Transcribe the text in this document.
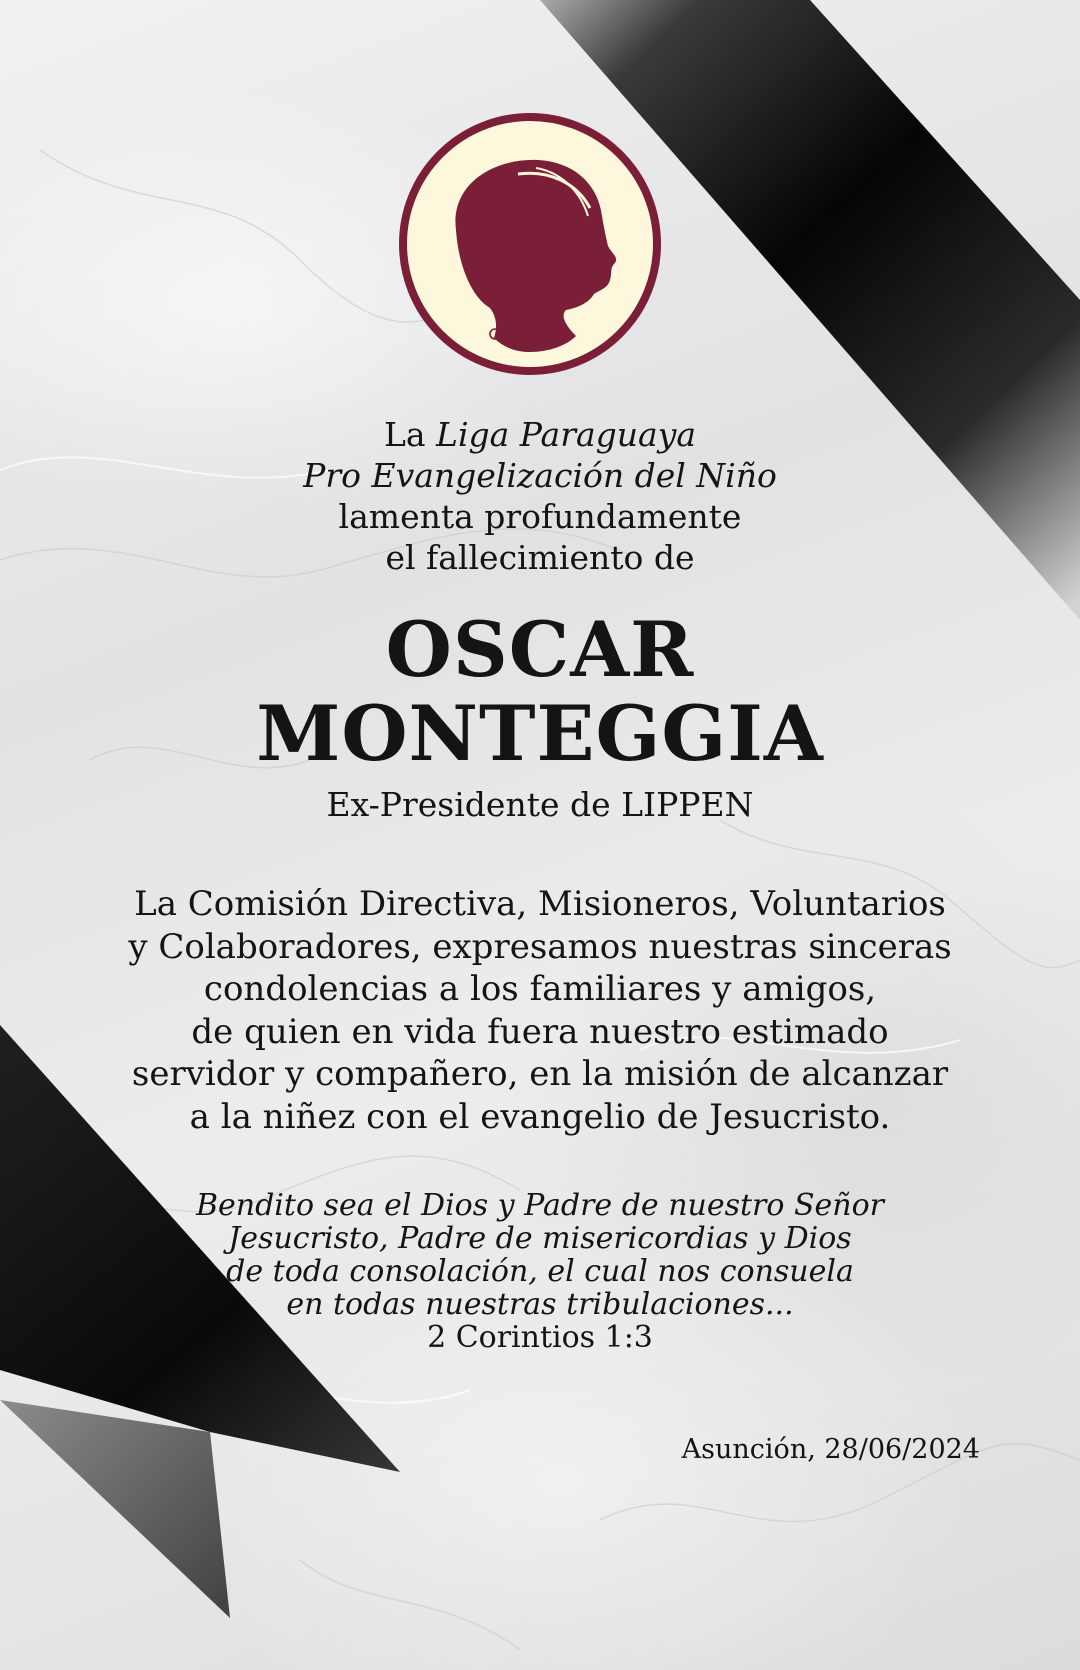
La Liga Paraguaya
Pro Evangelización del Niño
lamenta profundamente
el fallecimiento de
OSCAR
MONTEGGIA
Ex-Presidente de LIPPEN
La Comisión Directiva, Misioneros, Voluntarios
y Colaboradores, expresamos nuestras sinceras
condolencias a los familiares y amigos,
de quien en vida fuera nuestro estimado
servidor y compañero, en la misión de alcanzar
a la niñez con el evangelio de Jesucristo.
Bendito sea el Dios y Padre de nuestro Señor
Jesucristo, Padre de misericordias y Dios
de toda consolación, el cual nos consuela
en todas nuestras tribulaciones...
2 Corintios 1:3
Asunción, 28/06/2024
